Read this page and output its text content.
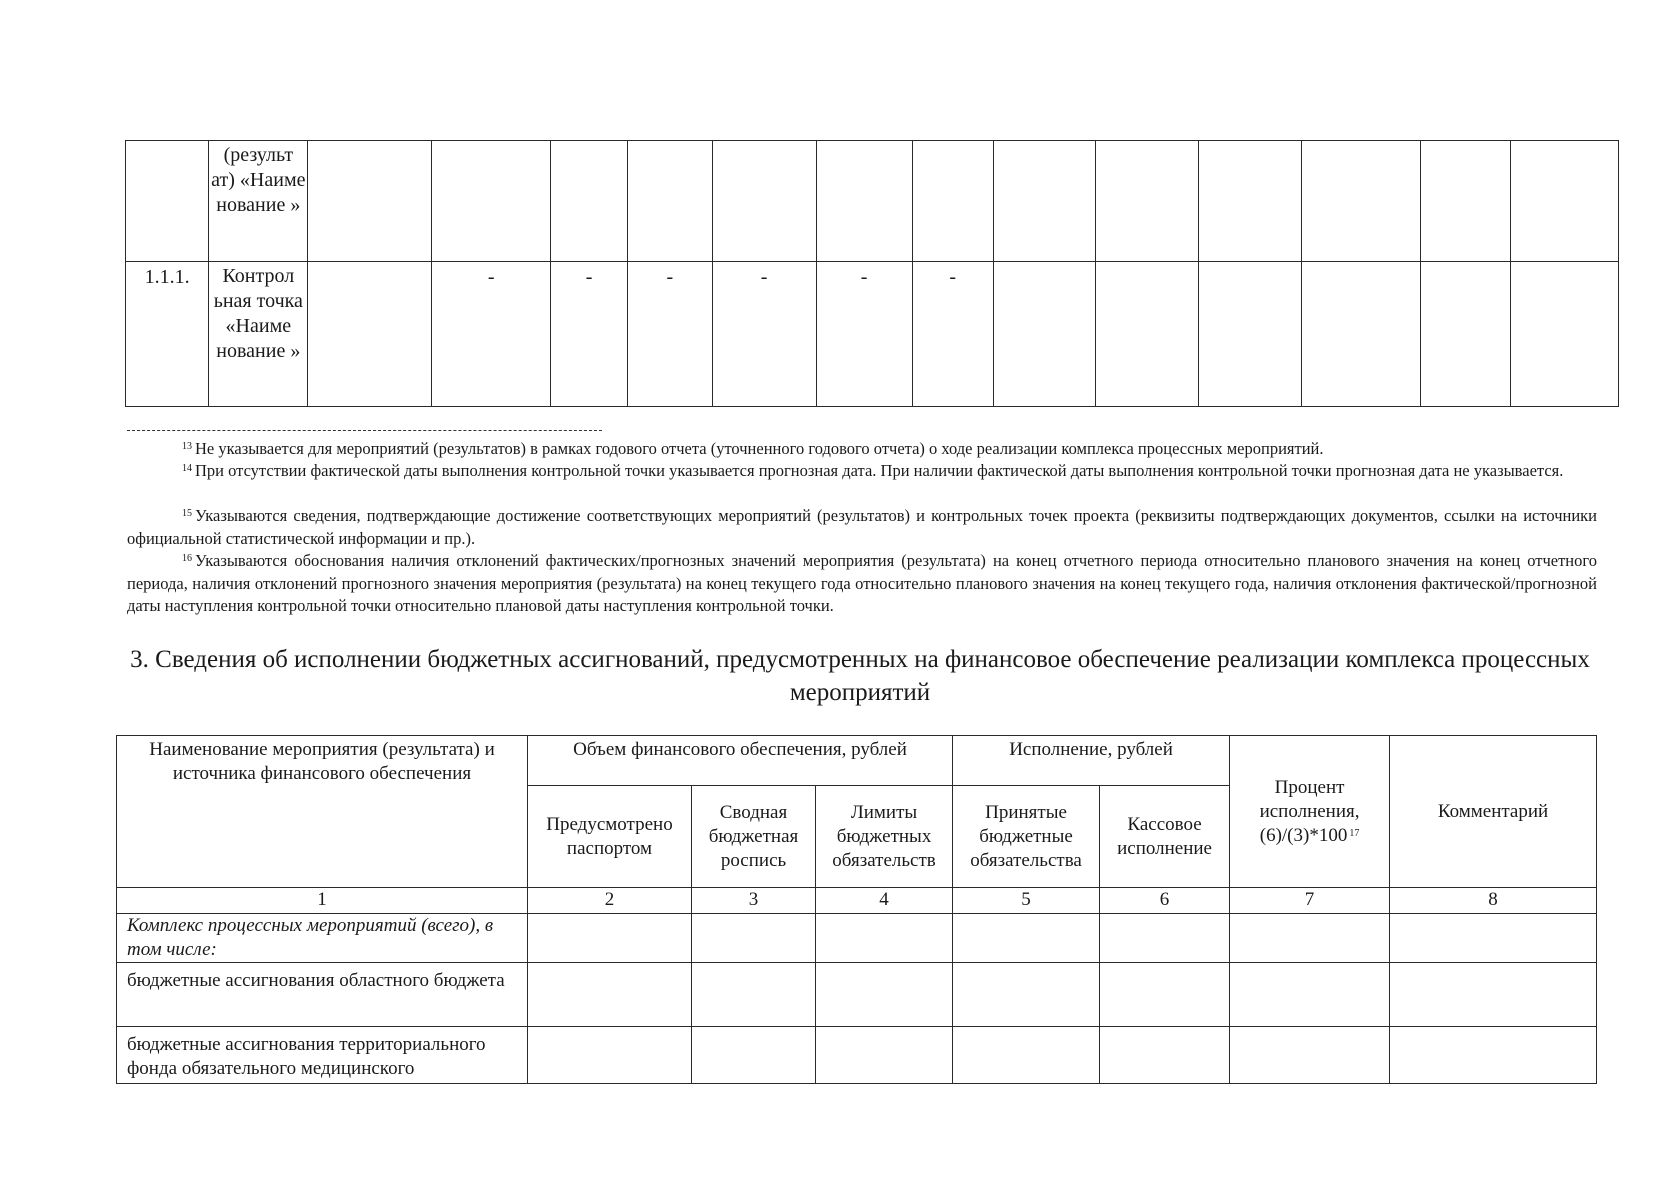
	(результ ат) «Наиме нование »													
1.1.1.	Контрол ьная точка «Наиме нование »		-	-	-	-	-	-						
$^{13}$ Не указывается для мероприятий (результатов) в рамках годового отчета (уточненного годового отчета) о ходе реализации комплекса процессных мероприятий.
$^{14}$ При отсутствии фактической даты выполнения контрольной точки указывается прогнозная дата. При наличии фактической даты выполнения контрольной точки прогнозная дата не указывается.
$^{15}$ Указываются сведения, подтверждающие достижение соответствующих мероприятий (результатов) и контрольных точек проекта (реквизиты подтверждающих документов, ссылки на источники официальной статистической информации и пр.).
$^{16}$ Указываются обоснования наличия отклонений фактических/прогнозных значений мероприятия (результата) на конец отчетного периода относительно планового значения на конец отчетного периода, наличия отклонений прогнозного значения мероприятия (результата) на конец текущего года относительно планового значения на конец текущего года, наличия отклонения фактической/прогнозной даты наступления контрольной точки относительно плановой даты наступления контрольной точки.
3. Сведения об исполнении бюджетных ассигнований, предусмотренных на финансовое обеспечение реализации комплекса процессных мероприятий
Наименование мероприятия (результата) и источника финансового обеспечения	Объем финансового обеспечения, рублей			Исполнение, рублей		Процент исполнения, (6)/(3)*100 $^{17}$	Комментарий
	Предусмотрено паспортом	Сводная бюджетная роспись	Лимиты бюджетных обязательств	Принятые бюджетные обязательства	Кассовое исполнение		
1	2	3	4	5	6	7	8
Комплекс процессных мероприятий (всего), в том числе:							
бюджетные ассигнования областного бюджета							
бюджетные ассигнования территориального фонда обязательного медицинского							
